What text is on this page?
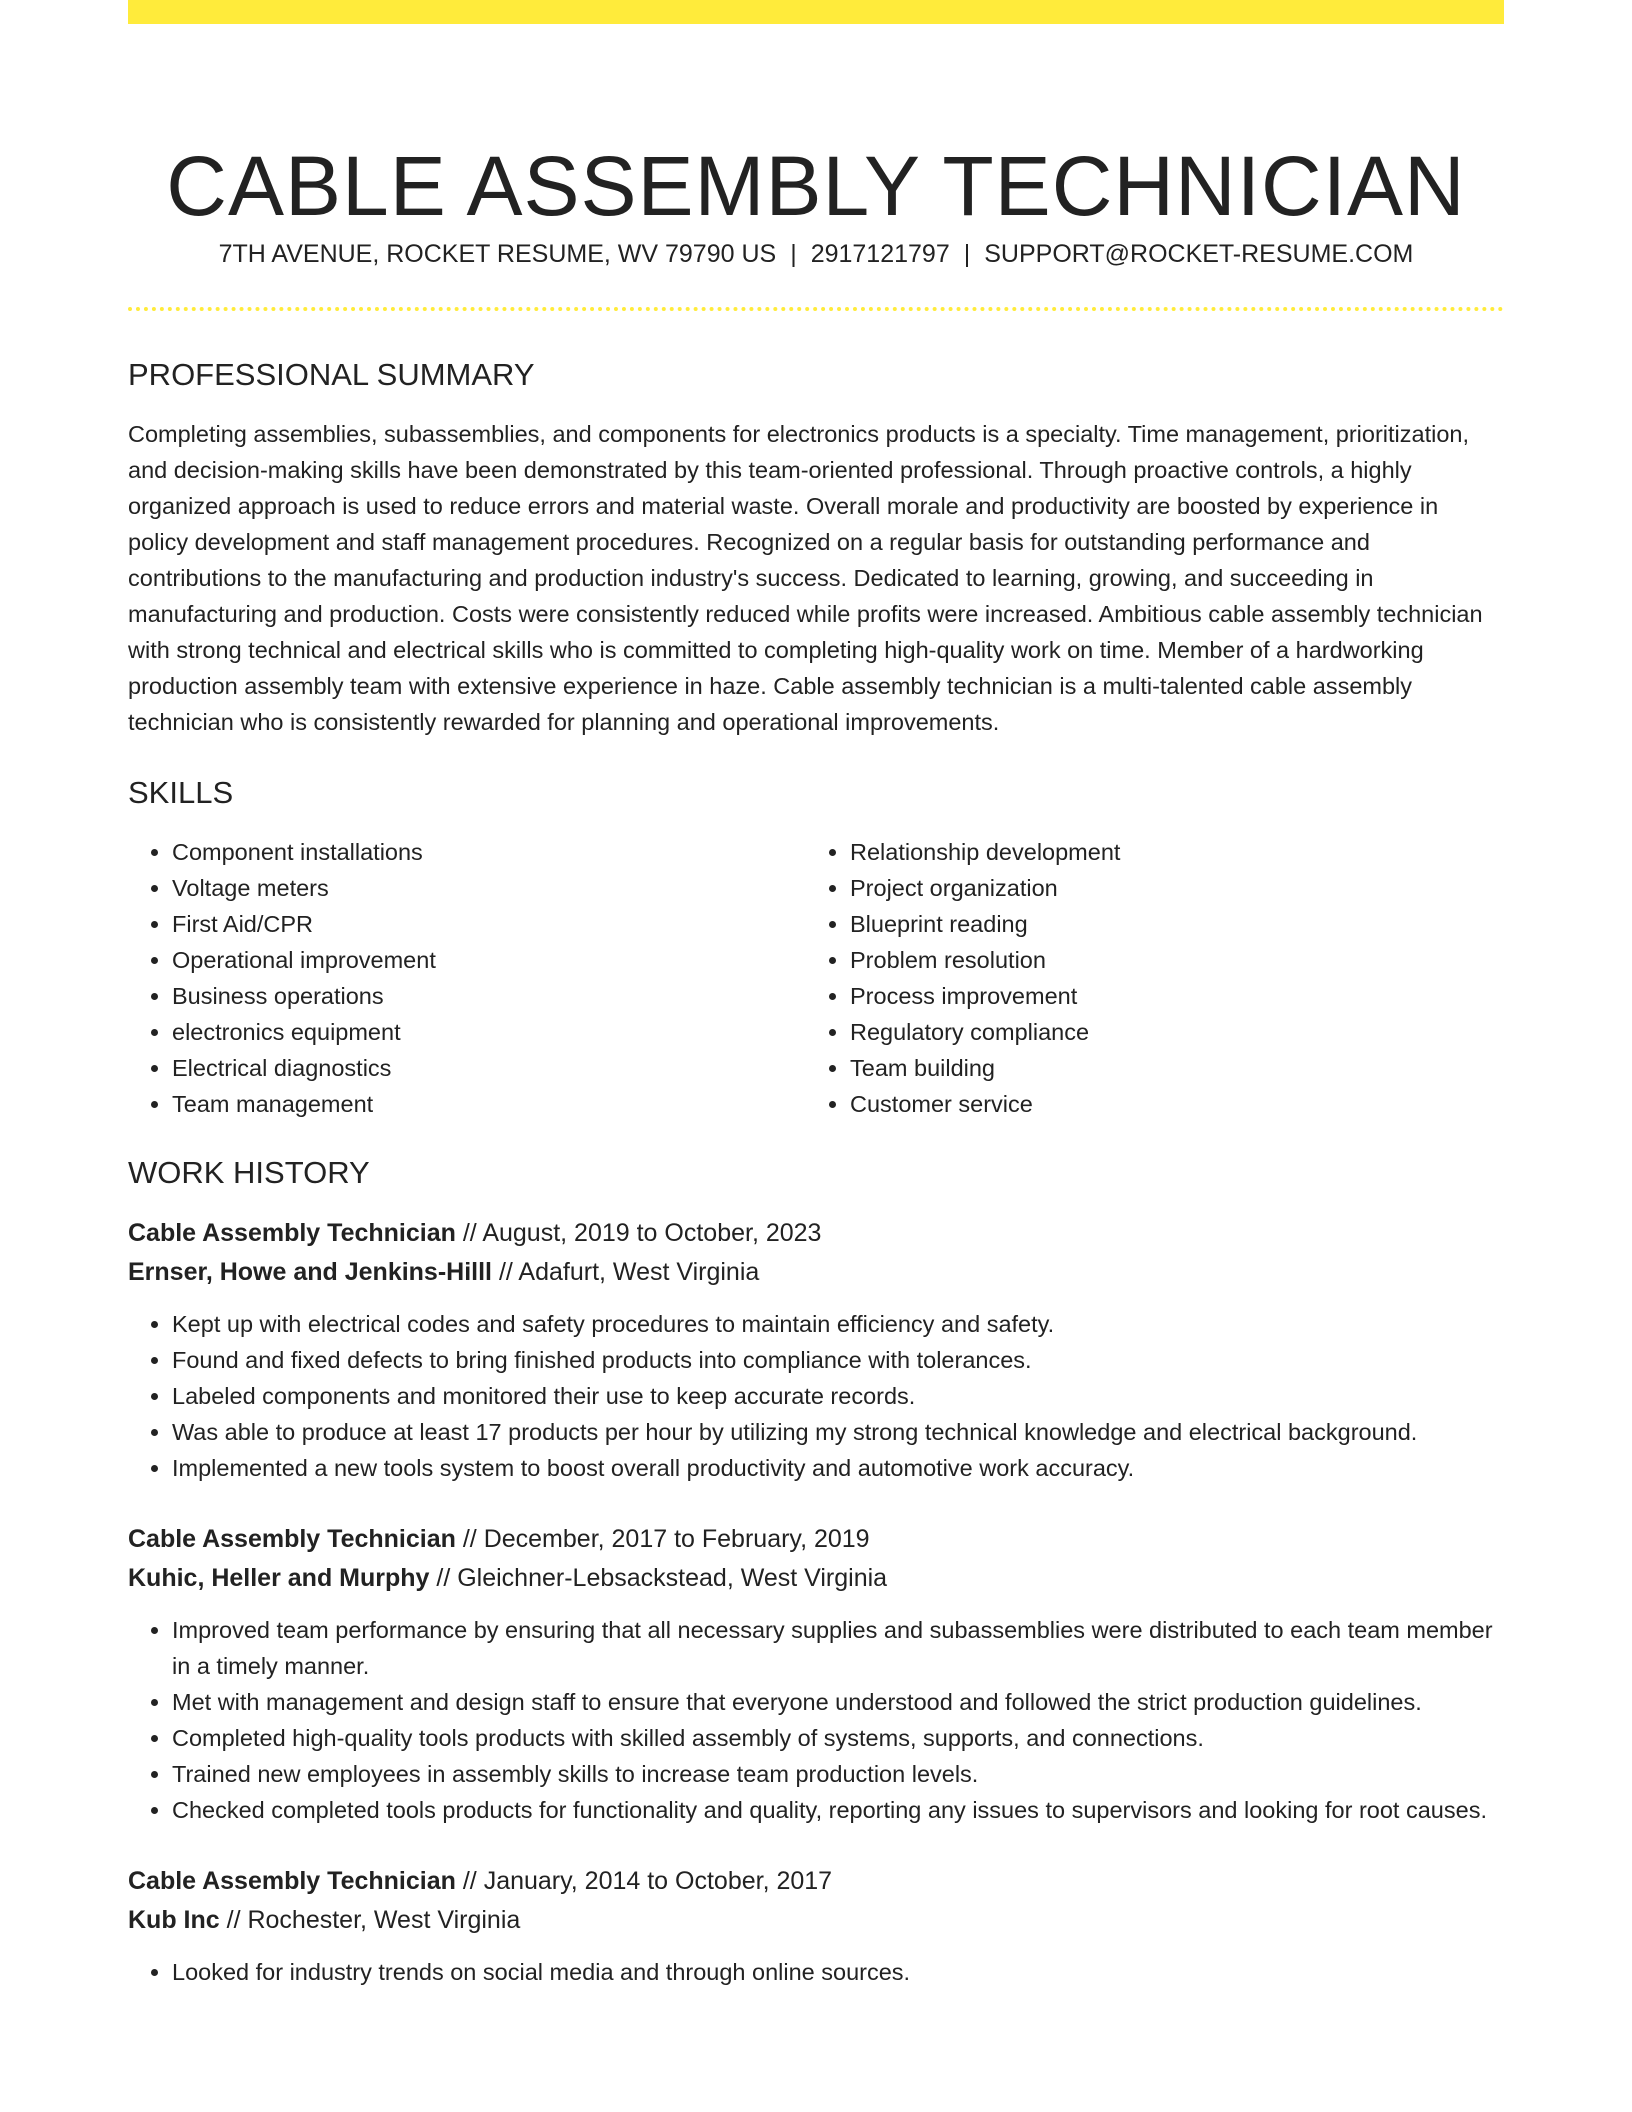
CABLE ASSEMBLY TECHNICIAN
7TH AVENUE, ROCKET RESUME, WV 79790 US | 2917121797 | SUPPORT@ROCKET-RESUME.COM
PROFESSIONAL SUMMARY

Completing assemblies, subassemblies, and components for electronics products is a specialty. Time management, prioritization, and decision-making skills have been demonstrated by this team-oriented professional. Through proactive controls, a highly organized approach is used to reduce errors and material waste. Overall morale and productivity are boosted by experience in policy development and staff management procedures. Recognized on a regular basis for outstanding performance and contributions to the manufacturing and production industry's success. Dedicated to learning, growing, and succeeding in manufacturing and production. Costs were consistently reduced while profits were increased. Ambitious cable assembly technician with strong technical and electrical skills who is committed to completing high-quality work on time. Member of a hardworking production assembly team with extensive experience in haze. Cable assembly technician is a multi-talented cable assembly technician who is consistently rewarded for planning and operational improvements.

SKILLS
• Component installations
• Voltage meters
• First Aid/CPR
• Operational improvement
• Business operations
• electronics equipment
• Electrical diagnostics
• Team management
• Relationship development
• Project organization
• Blueprint reading
• Problem resolution
• Process improvement
• Regulatory compliance
• Team building
• Customer service
WORK HISTORY
Cable Assembly Technician // August, 2019 to October, 2023
Ernser, Howe and Jenkins-Hilll // Adafurt, West Virginia
• Kept up with electrical codes and safety procedures to maintain efficiency and safety.
• Found and fixed defects to bring finished products into compliance with tolerances.
• Labeled components and monitored their use to keep accurate records.
• Was able to produce at least 17 products per hour by utilizing my strong technical knowledge and electrical background.
• Implemented a new tools system to boost overall productivity and automotive work accuracy.
Cable Assembly Technician // December, 2017 to February, 2019
Kuhic, Heller and Murphy // Gleichner-Lebsackstead, West Virginia
• Improved team performance by ensuring that all necessary supplies and subassemblies were distributed to each team member in a timely manner.
• Met with management and design staff to ensure that everyone understood and followed the strict production guidelines.
• Completed high-quality tools products with skilled assembly of systems, supports, and connections.
• Trained new employees in assembly skills to increase team production levels.
• Checked completed tools products for functionality and quality, reporting any issues to supervisors and looking for root causes.
Cable Assembly Technician // January, 2014 to October, 2017
Kub Inc // Rochester, West Virginia
• Looked for industry trends on social media and through online sources.
